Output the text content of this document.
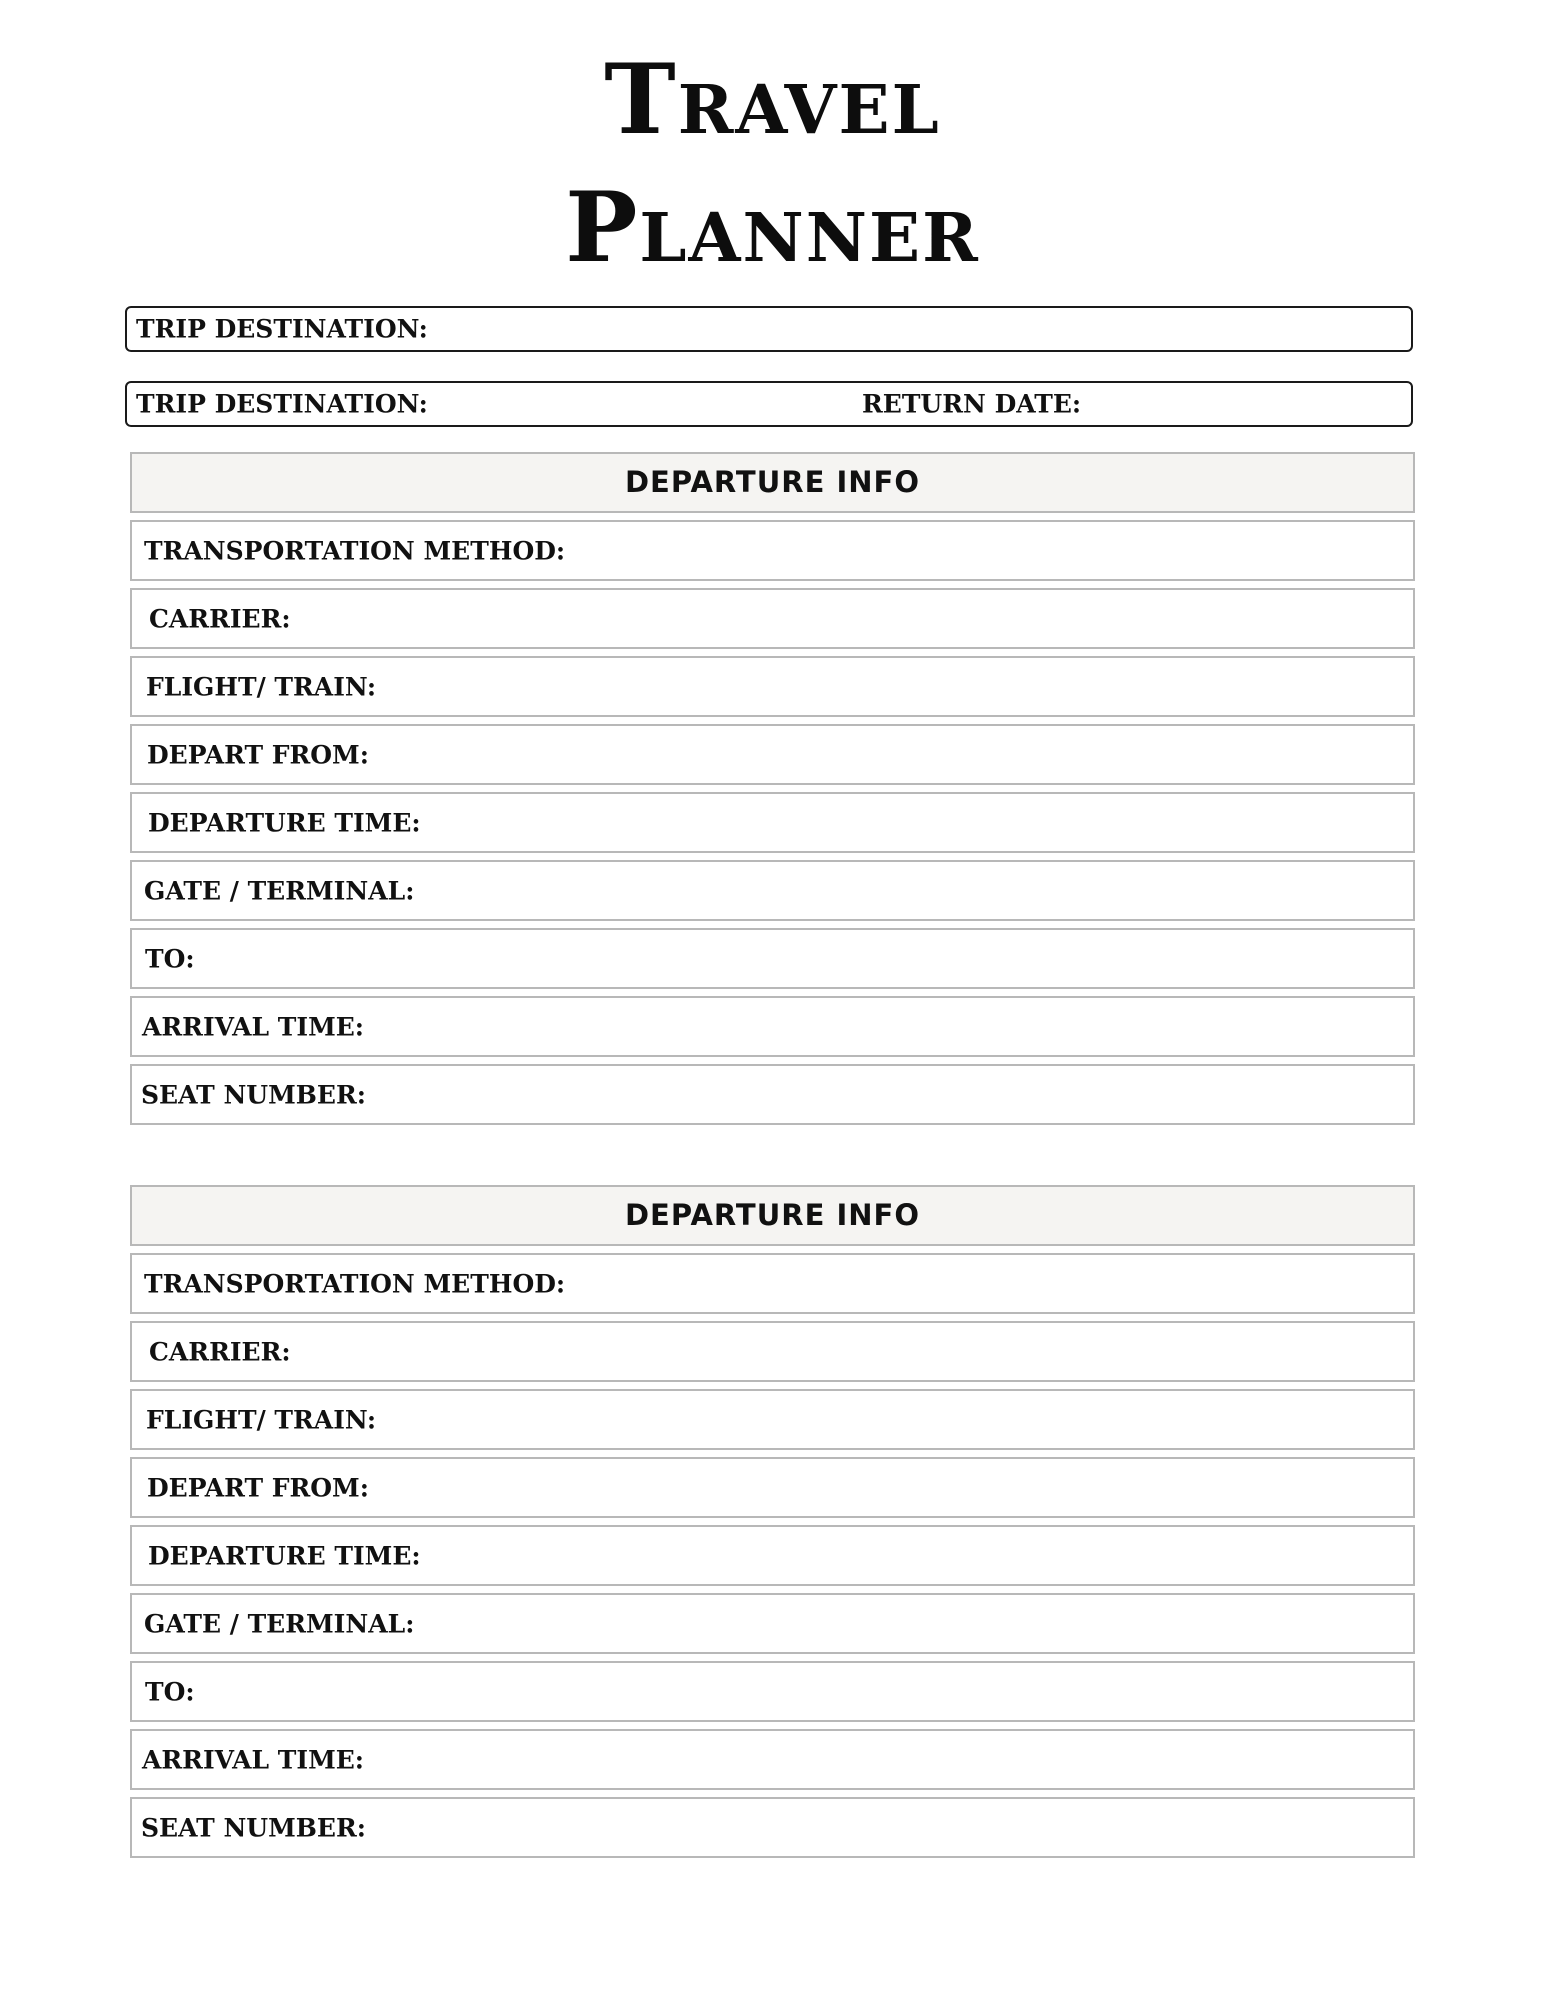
Travel
Planner
TRIP DESTINATION:
TRIP DESTINATION:	RETURN DATE:
DEPARTURE INFO
TRANSPORTATION METHOD:
CARRIER:
FLIGHT/ TRAIN:
DEPART FROM:
DEPARTURE TIME:
GATE / TERMINAL:
TO:
ARRIVAL TIME:
SEAT NUMBER:
DEPARTURE INFO
TRANSPORTATION METHOD:
CARRIER:
FLIGHT/ TRAIN:
DEPART FROM:
DEPARTURE TIME:
GATE / TERMINAL:
TO:
ARRIVAL TIME:
SEAT NUMBER:
